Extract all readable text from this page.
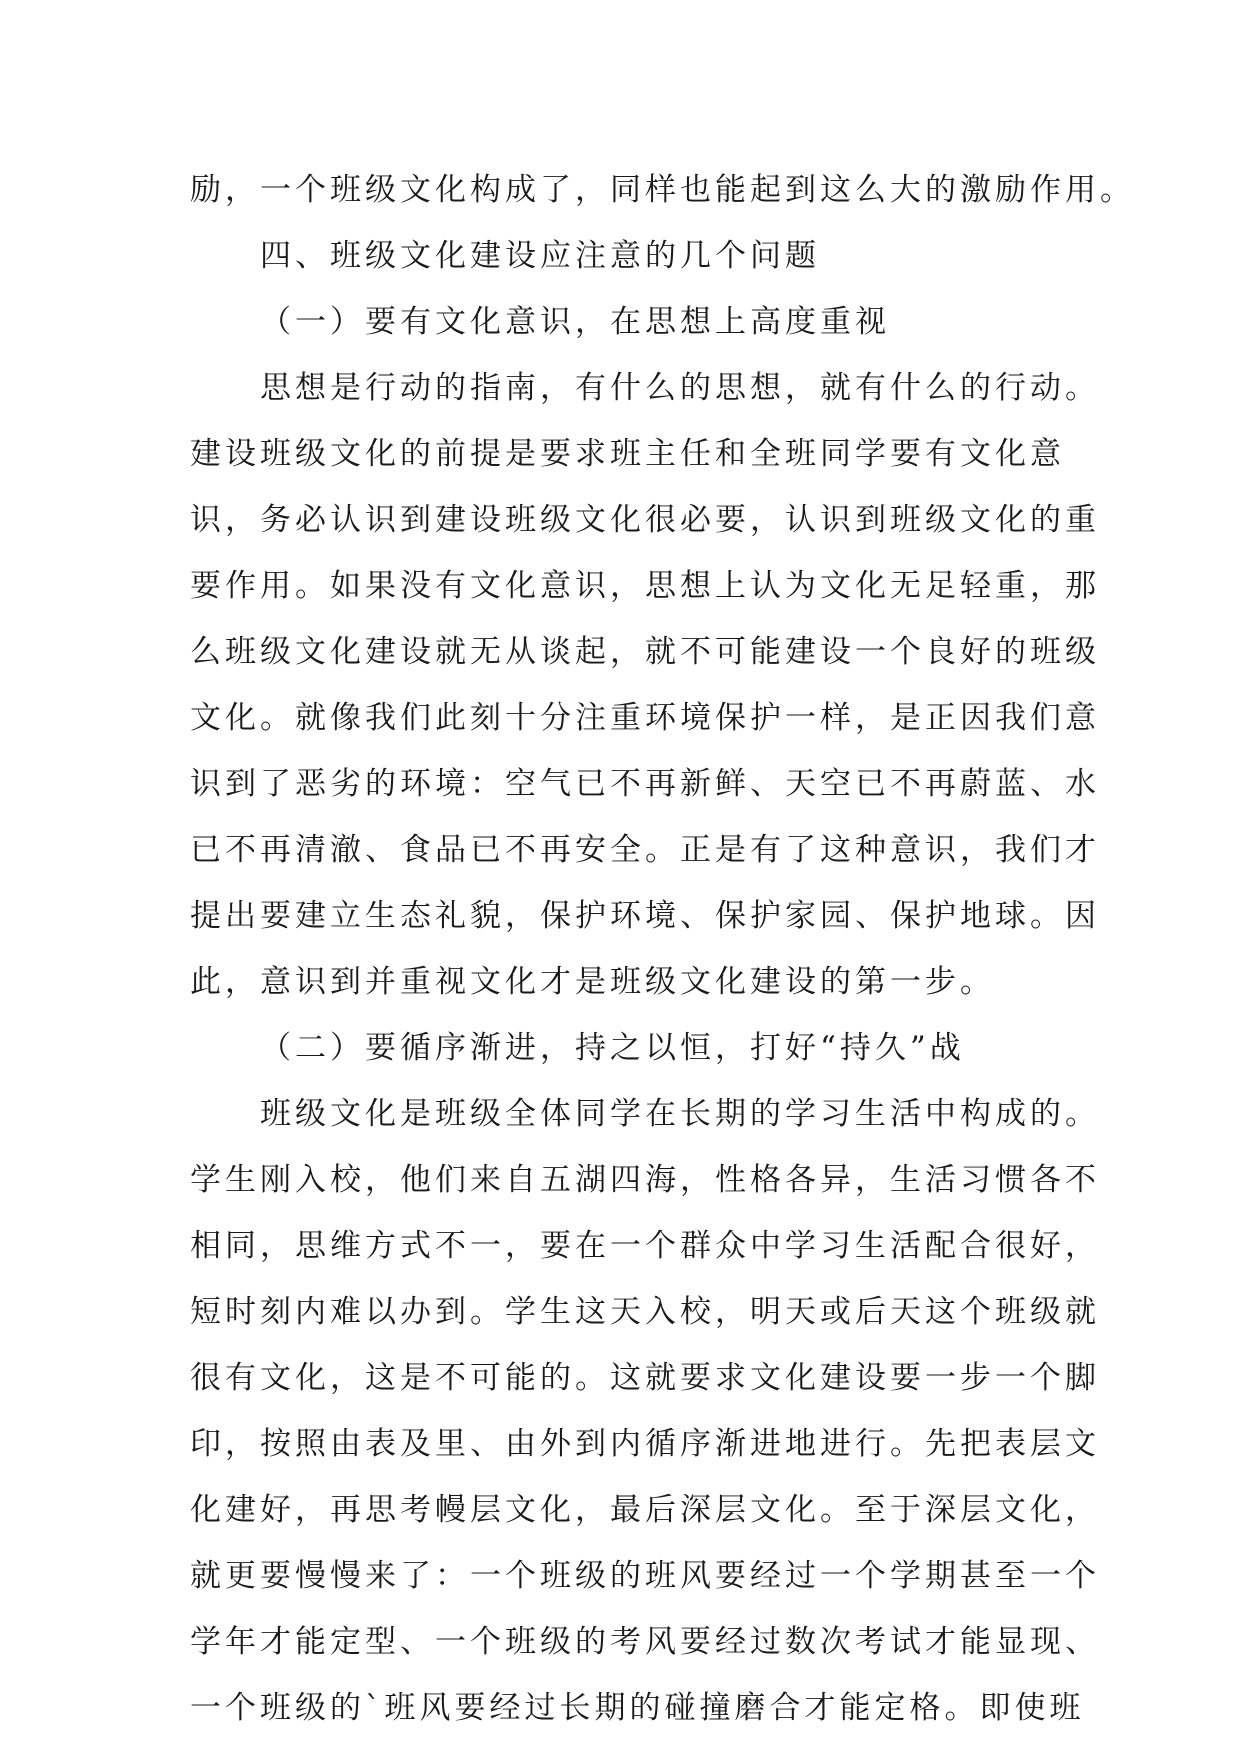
励，一个班级文化构成了，同样也能起到这么大的激励作用。

四、班级文化建设应注意的几个问题

（一）要有文化意识，在思想上高度重视

思想是行动的指南，有什么的思想，就有什么的行动。

建设班级文化的前提是要求班主任和全班同学要有文化意

识，务必认识到建设班级文化很必要，认识到班级文化的重

要作用。如果没有文化意识，思想上认为文化无足轻重，那

么班级文化建设就无从谈起，就不可能建设一个良好的班级

文化。就像我们此刻十分注重环境保护一样，是正因我们意

识到了恶劣的环境：空气已不再新鲜、天空已不再蔚蓝、水

已不再清澈、食品已不再安全。正是有了这种意识，我们才

提出要建立生态礼貌，保护环境、保护家园、保护地球。因

此，意识到并重视文化才是班级文化建设的第一步。

（二）要循序渐进，持之以恒，打好“持久”战

班级文化是班级全体同学在长期的学习生活中构成的。

学生刚入校，他们来自五湖四海，性格各异，生活习惯各不

相同，思维方式不一，要在一个群众中学习生活配合很好，

短时刻内难以办到。学生这天入校，明天或后天这个班级就

很有文化，这是不可能的。这就要求文化建设要一步一个脚

印，按照由表及里、由外到内循序渐进地进行。先把表层文

化建好，再思考幔层文化，最后深层文化。至于深层文化，

就更要慢慢来了：一个班级的班风要经过一个学期甚至一个

学年才能定型、一个班级的考风要经过数次考试才能显现、

一个班级的`班风要经过长期的碰撞磨合才能定格。即使班
